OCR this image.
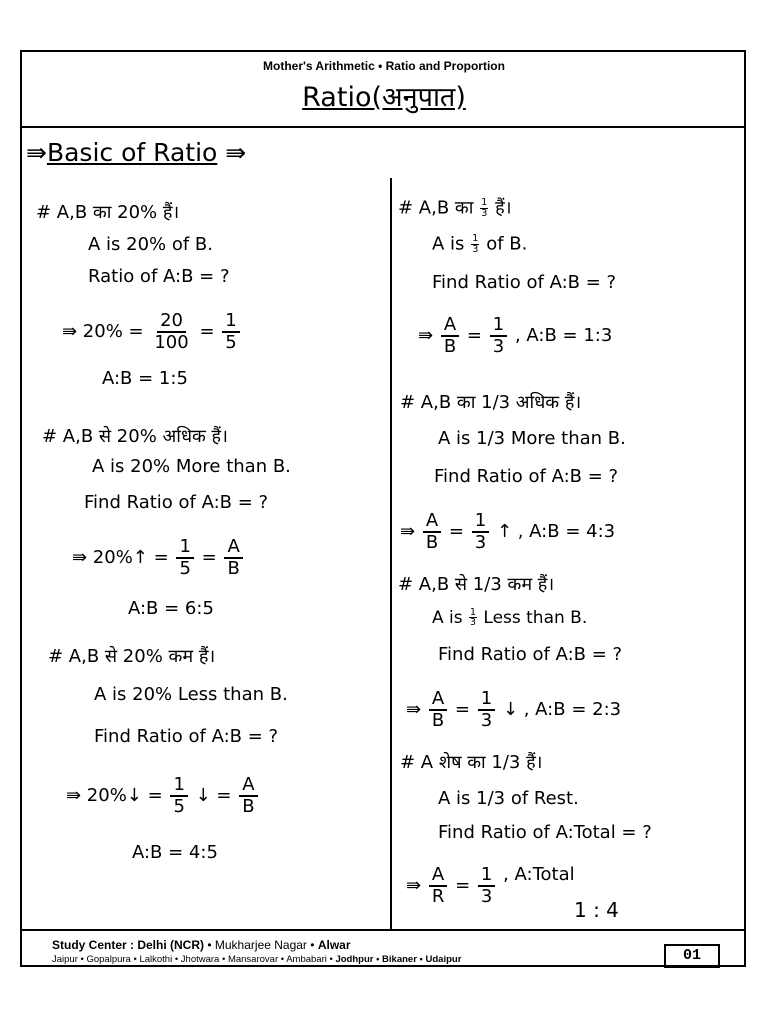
Mother's Arithmetic • Ratio and Proportion
Ratio(अनुपात)
⇛Basic of Ratio ⇛
# A,B का 20% हैं।
A is 20% of B.
Ratio of A:B = ?
⇛ $20\% = \frac{20}{100} = \frac{1}{5}$
A:B = 1:5
# A,B से 20% अधिक हैं।
A is 20% More than B.
Find Ratio of A:B = ?
⇛ 20%↑ = $\frac{1}{5} = \frac{A}{B}$
A:B = 6:5
# A,B से 20% कम हैं।
A is 20% Less than B.
Find Ratio of A:B = ?
⇛ 20%↓ = $\frac{1}{5}$ ↓ = $\frac{A}{B}$
A:B = 4:5
# A,B का $\frac{1}{3}$ हैं।
A is $\frac{1}{3}$ of B.
Find Ratio of A:B = ?
⇛ $\frac{A}{B} = \frac{1}{3}$ , A:B = 1:3
# A,B का 1/3 अधिक हैं।
A is 1/3 More than B.
Find Ratio of A:B = ?
⇛ $\frac{A}{B} = \frac{1}{3}$ ↑ , A:B = 4:3
# A,B से 1/3 कम हैं।
A is $\frac{1}{3}$ Less than B.
Find Ratio of A:B = ?
⇛ $\frac{A}{B} = \frac{1}{3}$ ↓ , A:B = 2:3
# A शेष का 1/3 हैं।
A is 1/3 of Rest.
Find Ratio of A:Total = ?
⇛ $\frac{A}{R} = \frac{1}{3}$ , A:Total
1 : 4
Study Center : Delhi (NCR) • Mukharjee Nagar • Alwar
Jaipur • Gopalpura • Lalkothi • Jhotwara • Mansarovar • Ambabari • Jodhpur • Bikaner • Udaipur	01
